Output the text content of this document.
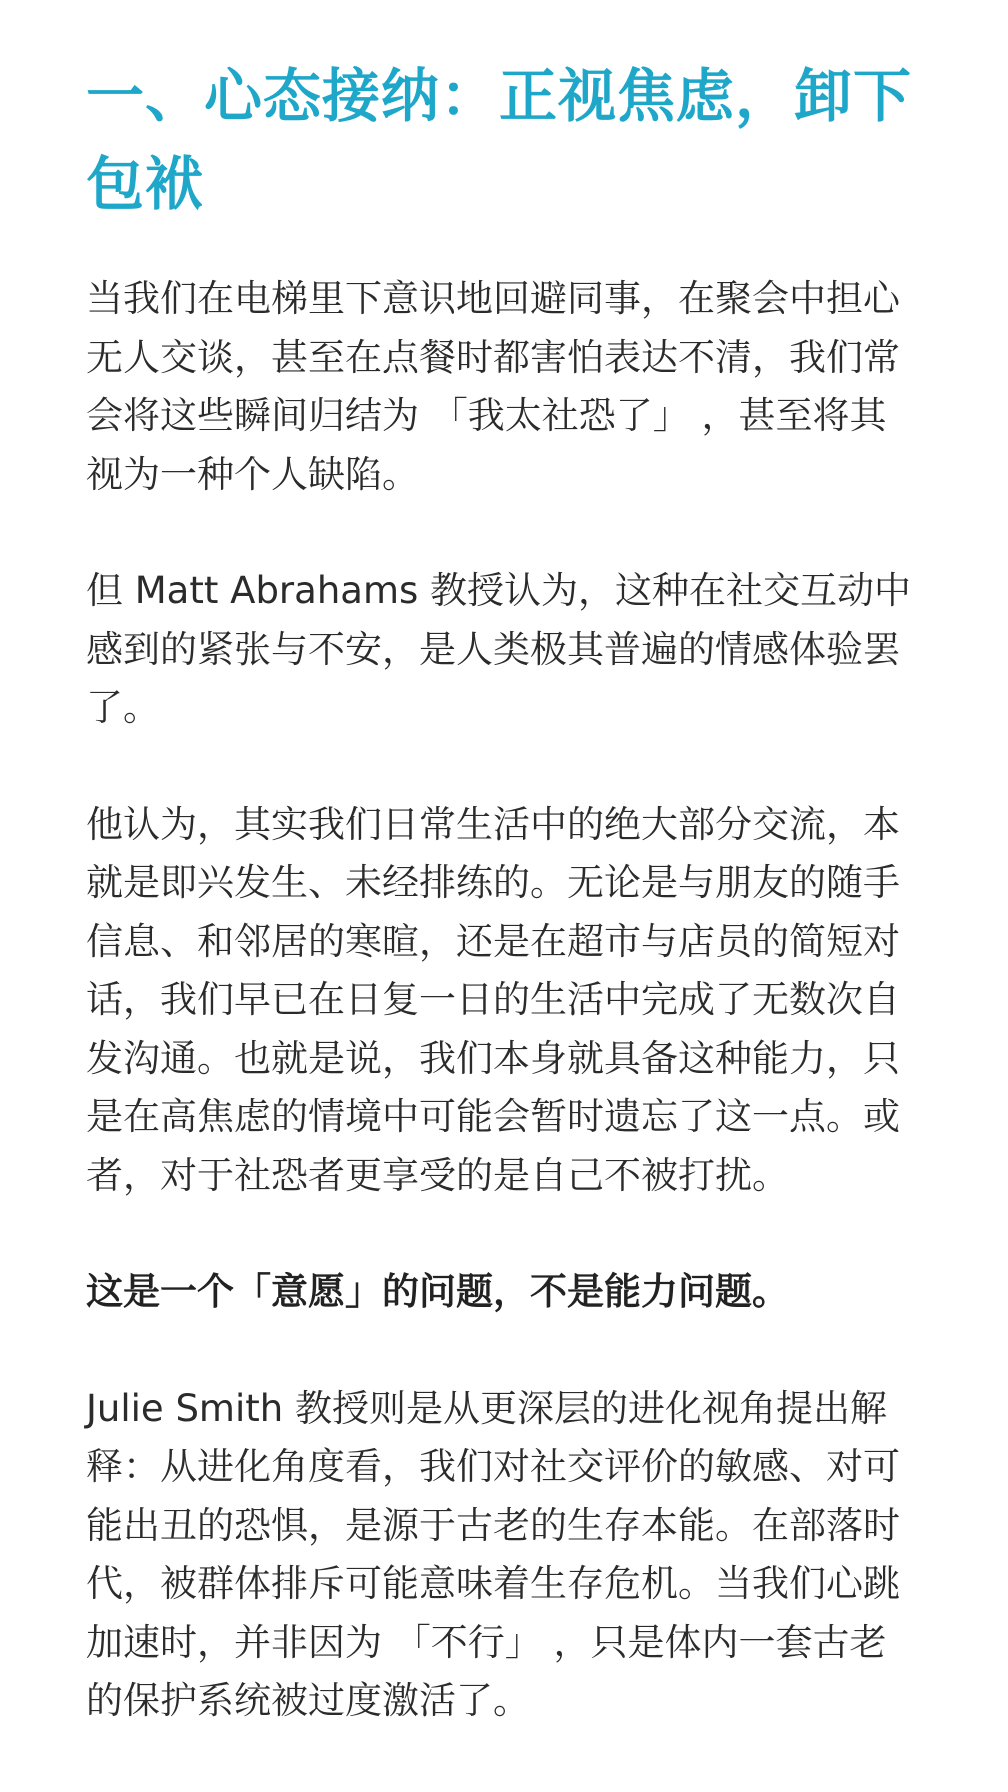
一、心态接纳：正视焦虑，卸下包袱

当我们在电梯里下意识地回避同事，在聚会中担心无人交谈，甚至在点餐时都害怕表达不清，我们常会将这些瞬间归结为 「我太社恐了」 ，甚至将其视为一种个人缺陷。

但 Matt Abrahams 教授认为，这种在社交互动中感到的紧张与不安，是人类极其普遍的情感体验罢了。

他认为，其实我们日常生活中的绝大部分交流，本就是即兴发生、未经排练的。无论是与朋友的随手信息、和邻居的寒暄，还是在超市与店员的简短对话，我们早已在日复一日的生活中完成了无数次自发沟通。也就是说，我们本身就具备这种能力，只是在高焦虑的情境中可能会暂时遗忘了这一点。或者，对于社恐者更享受的是自己不被打扰。

这是一个「意愿」的问题，不是能力问题。

Julie Smith 教授则是从更深层的进化视角提出解释：从进化角度看，我们对社交评价的敏感、对可能出丑的恐惧，是源于古老的生存本能。在部落时代，被群体排斥可能意味着生存危机。当我们心跳加速时，并非因为 「不行」 ，只是体内一套古老的保护系统被过度激活了。
